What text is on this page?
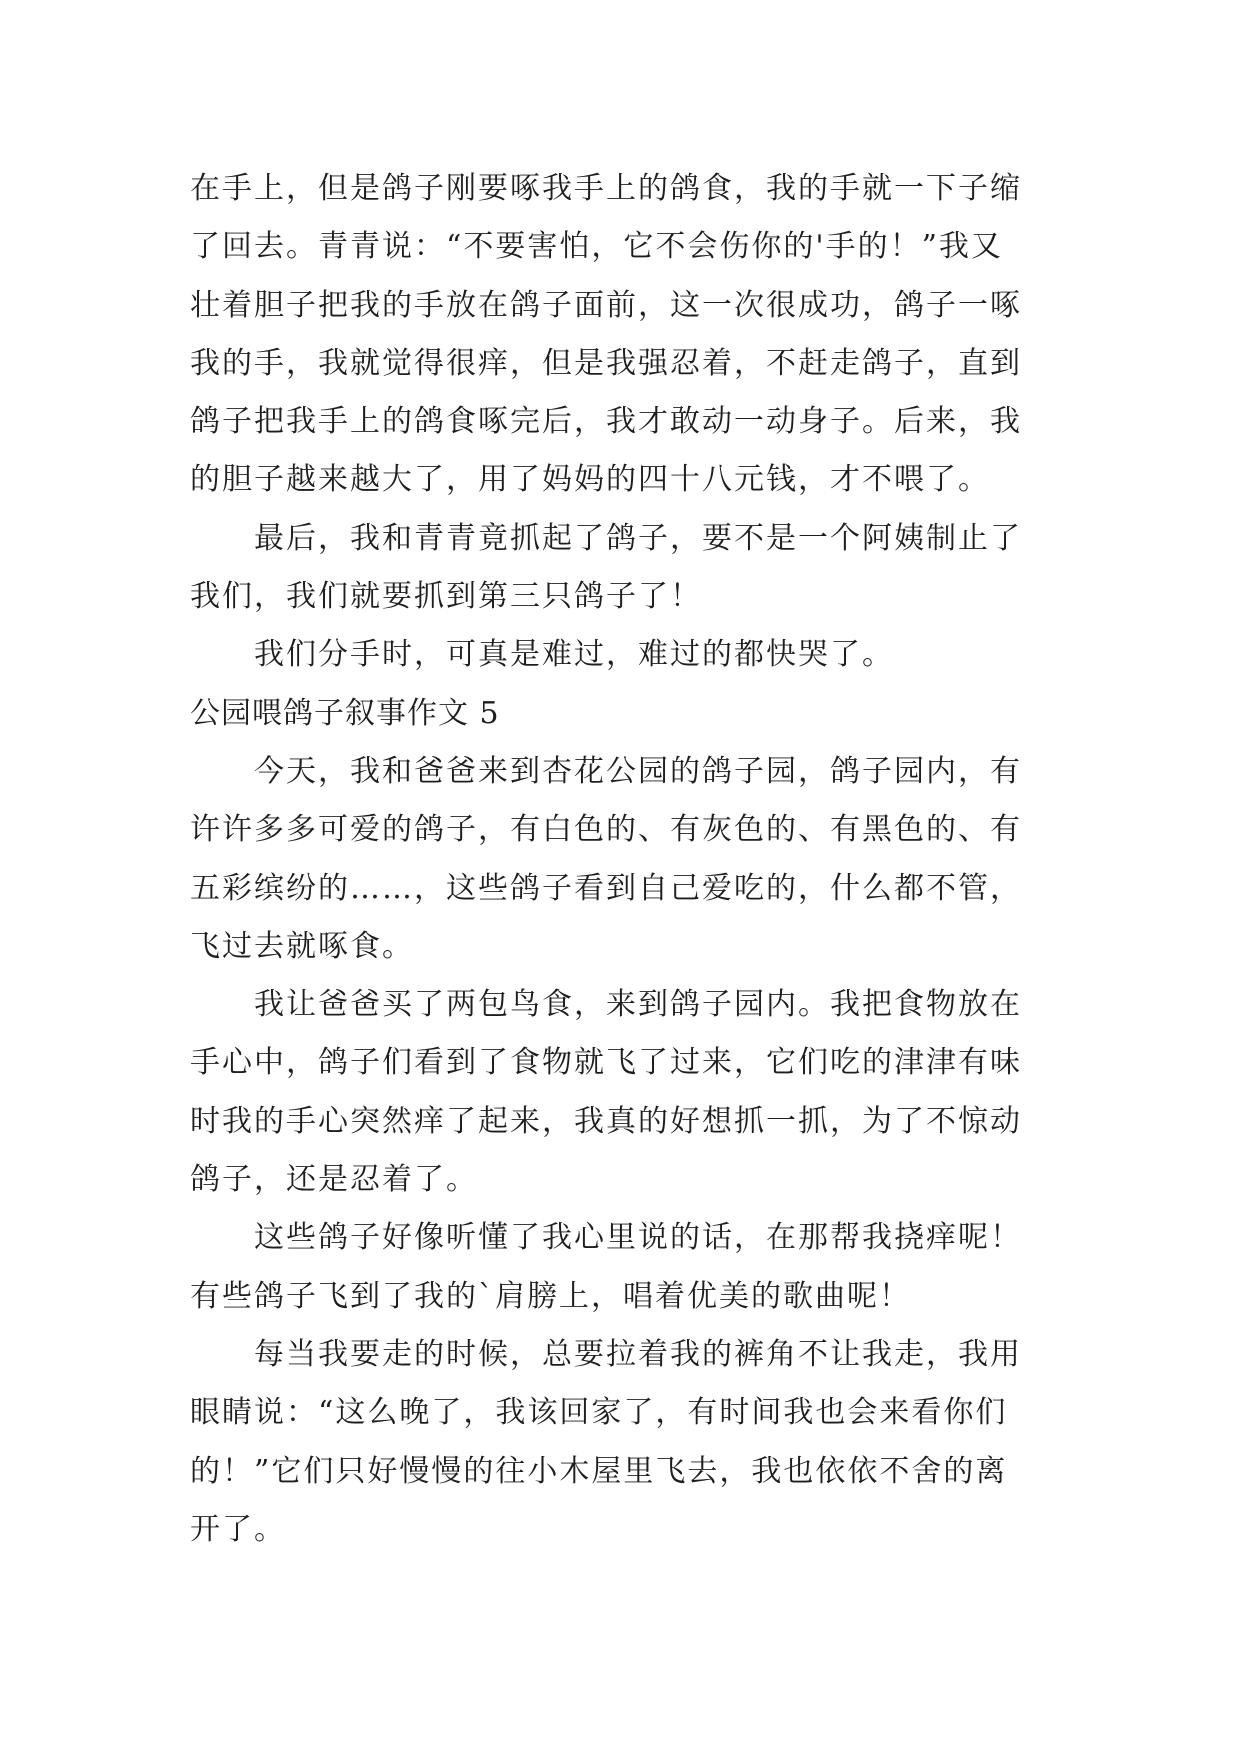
在手上，但是鸽子刚要啄我手上的鸽食，我的手就一下子缩
了回去。青青说：“不要害怕，它不会伤你的'手的！”我又
壮着胆子把我的手放在鸽子面前，这一次很成功，鸽子一啄
我的手，我就觉得很痒，但是我强忍着，不赶走鸽子，直到
鸽子把我手上的鸽食啄完后，我才敢动一动身子。后来，我
的胆子越来越大了，用了妈妈的四十八元钱，才不喂了。
最后，我和青青竟抓起了鸽子，要不是一个阿姨制止了
我们，我们就要抓到第三只鸽子了！
我们分手时，可真是难过，难过的都快哭了。
公园喂鸽子叙事作文 5
今天，我和爸爸来到杏花公园的鸽子园，鸽子园内，有
许许多多可爱的鸽子，有白色的、有灰色的、有黑色的、有
五彩缤纷的……，这些鸽子看到自己爱吃的，什么都不管，
飞过去就啄食。
我让爸爸买了两包鸟食，来到鸽子园内。我把食物放在
手心中，鸽子们看到了食物就飞了过来，它们吃的津津有味
时我的手心突然痒了起来，我真的好想抓一抓，为了不惊动
鸽子，还是忍着了。
这些鸽子好像听懂了我心里说的话，在那帮我挠痒呢！
有些鸽子飞到了我的`肩膀上，唱着优美的歌曲呢！
每当我要走的时候，总要拉着我的裤角不让我走，我用
眼睛说：“这么晚了，我该回家了，有时间我也会来看你们
的！”它们只好慢慢的往小木屋里飞去，我也依依不舍的离
开了。
